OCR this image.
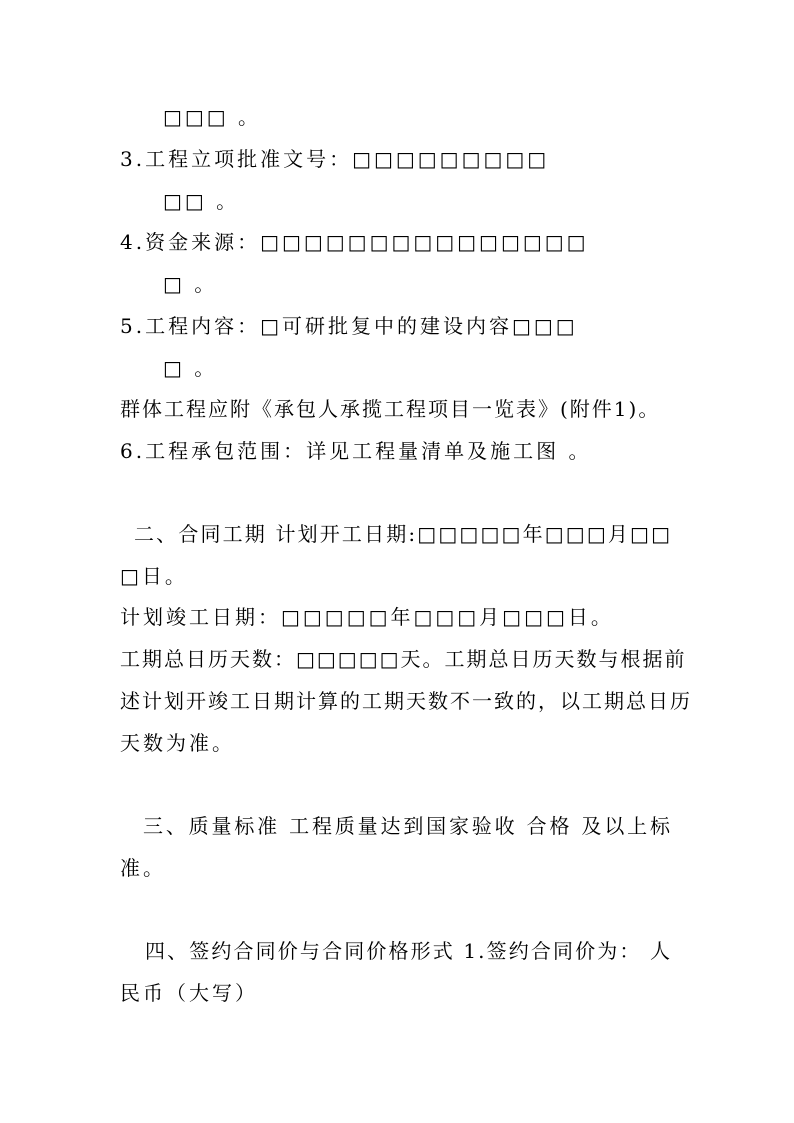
□□□ 。
3.工程立项批准文号：□□□□□□□□□
□□ 。
4.资金来源：□□□□□□□□□□□□□□□
□ 。
5.工程内容：□可研批复中的建设内容□□□
□ 。
群体工程应附《承包人承揽工程项目一览表》(附件1)。
6.工程承包范围：详见工程量清单及施工图 。
二、合同工期 计划开工日期:□□□□□年□□□月□□
□日。
计划竣工日期：□□□□□年□□□月□□□日。
工期总日历天数：□□□□□天。工期总日历天数与根据前
述计划开竣工日期计算的工期天数不一致的，以工期总日历
天数为准。
三、质量标准 工程质量达到国家验收 合格 及以上标
准。
四、签约合同价与合同价格形式 1.签约合同价为： 人
民币（大写）
